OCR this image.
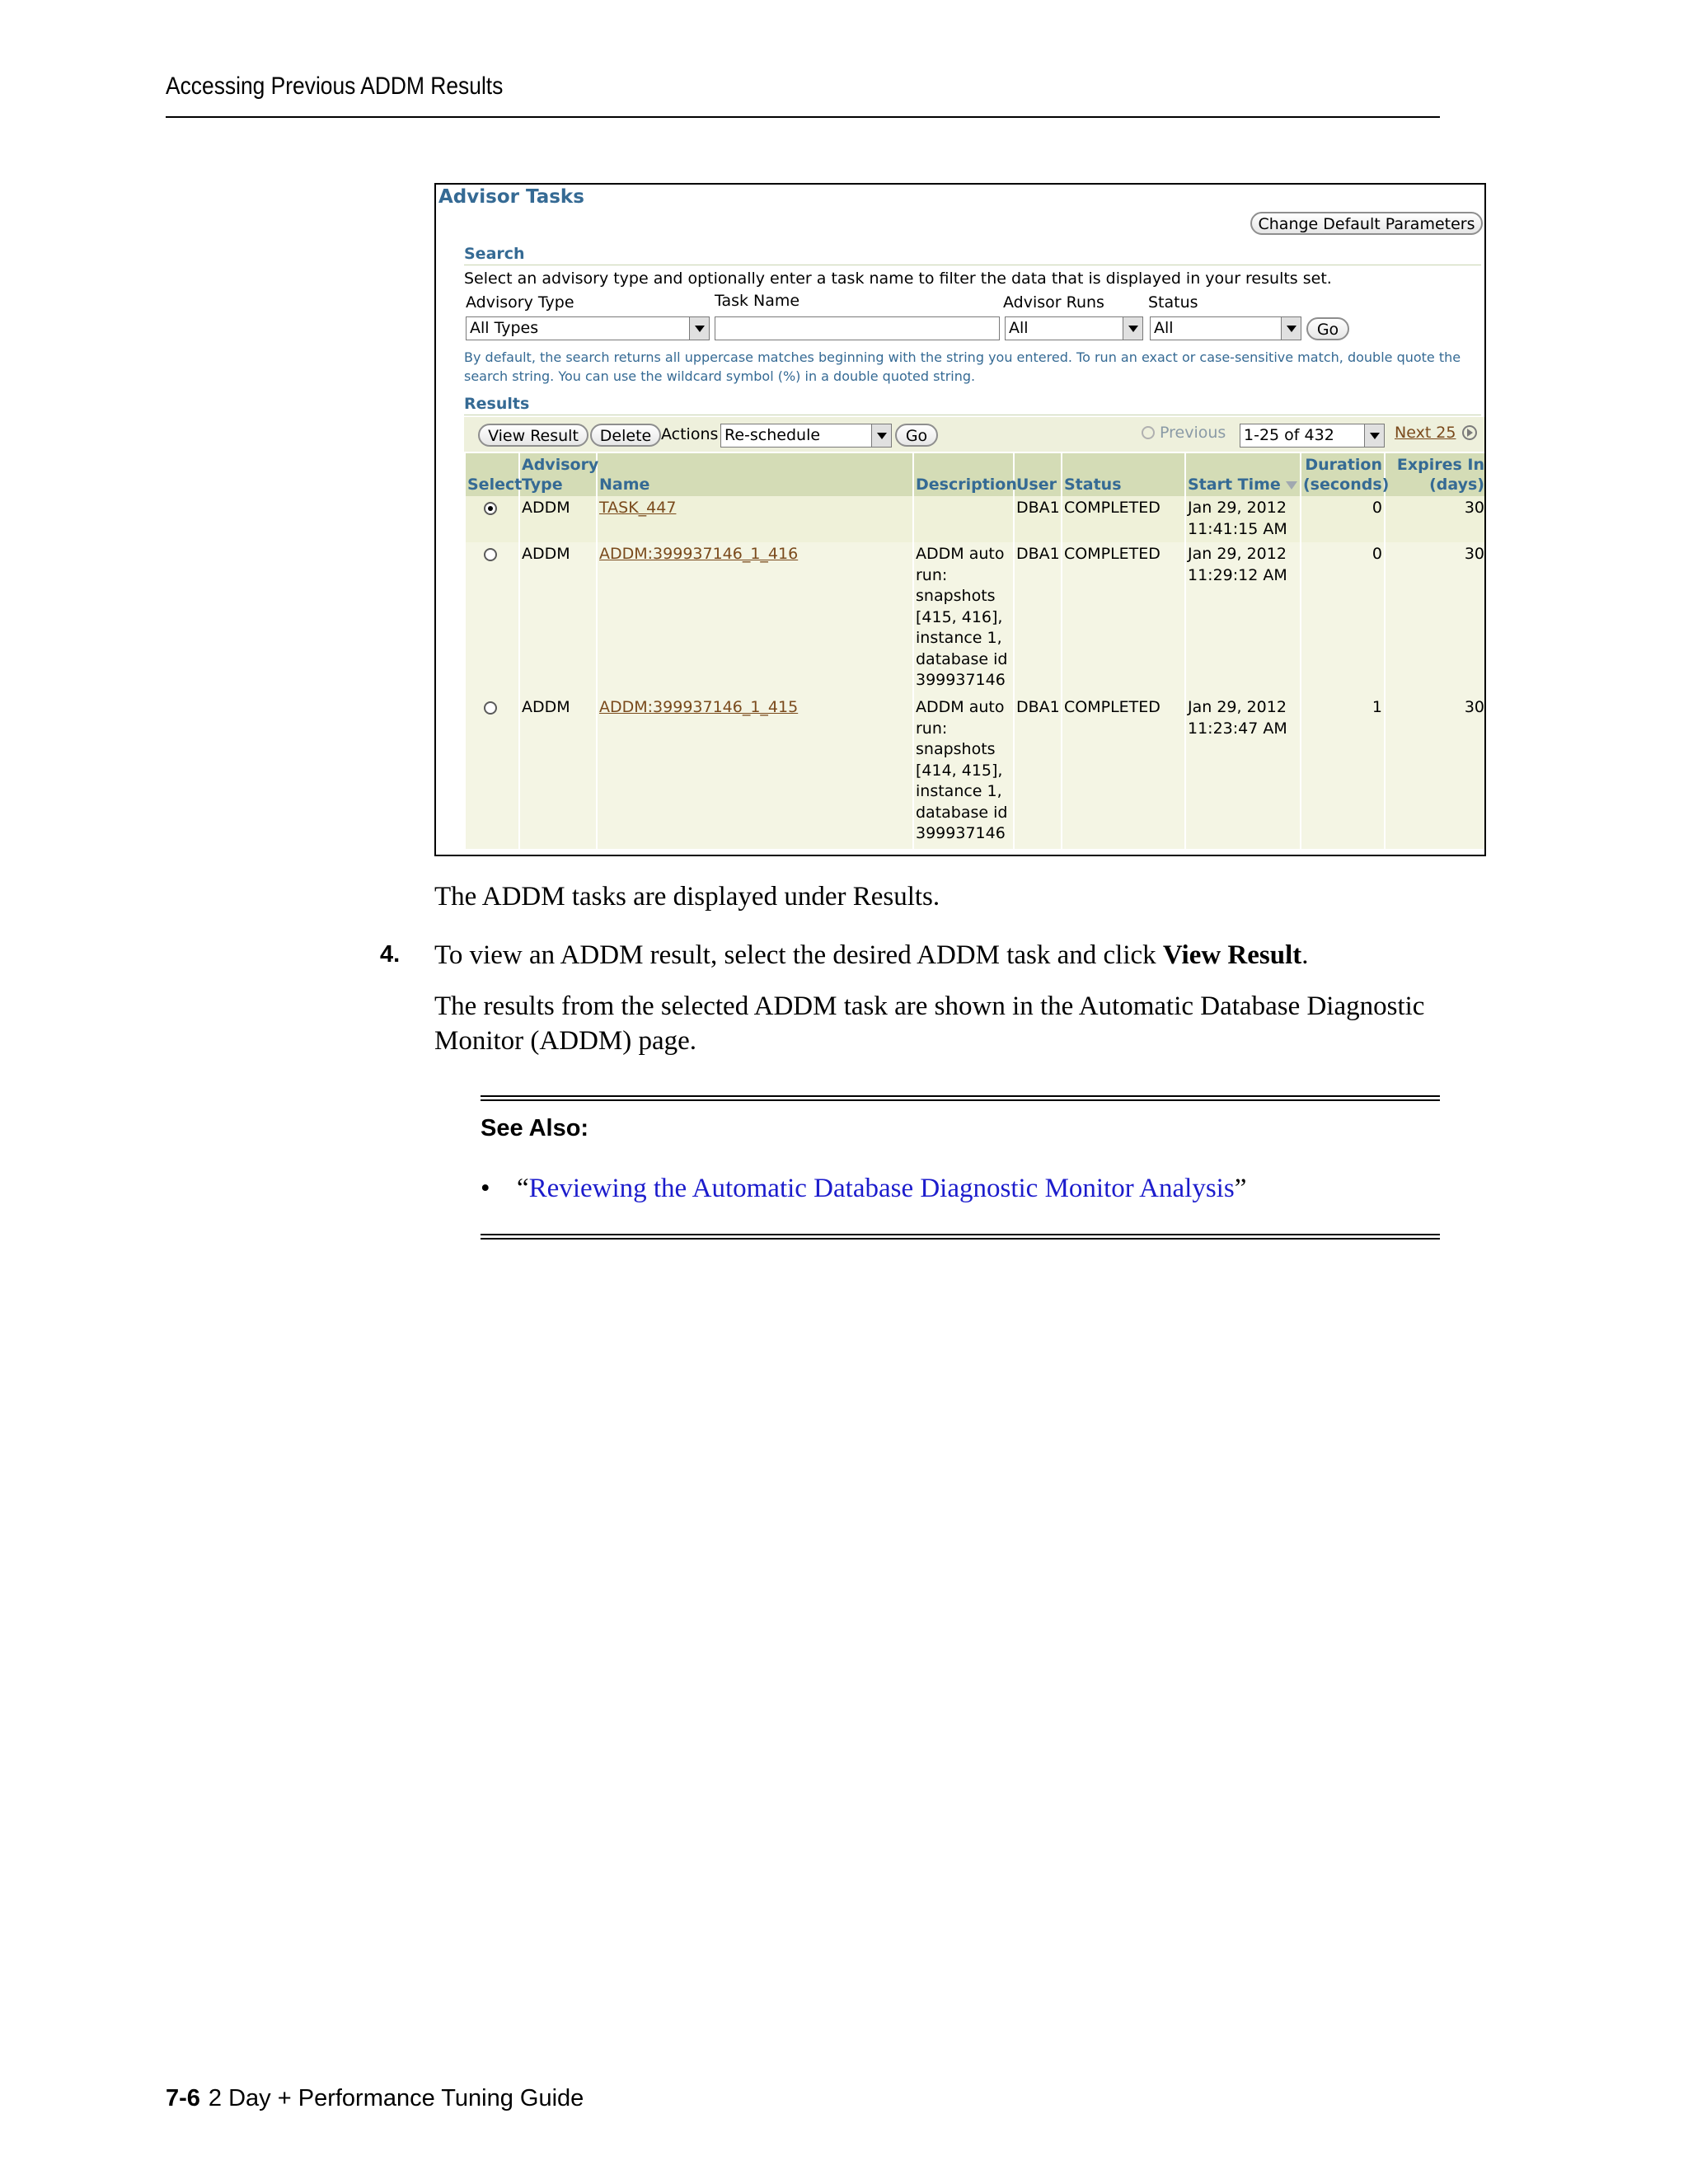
Accessing Previous ADDM Results
Advisor Tasks
Change Default Parameters
Search
Select an advisory type and optionally enter a task name to filter the data that is displayed in your results set.
Advisory Type	Task Name	Advisor Runs	Status
All Types	All	All	Go
By default, the search returns all uppercase matches beginning with the string you entered. To run an exact or case-sensitive match, double quote the search string. You can use the wildcard symbol (%) in a double quoted string.
Results
View Result	Delete Actions Re-schedule	Go	Previous 1-25 of 432	Next 25
Select	Advisory Type	Name	Description	User	Status	Start Time	Duration (seconds)	Expires In (days)
	ADDM	TASK_447		DBA1	COMPLETED	Jan 29, 2012 11:41:15 AM	0	30
	ADDM	ADDM:399937146_1_416	ADDM auto run: snapshots [415, 416], instance 1, database id 399937146	DBA1	COMPLETED	Jan 29, 2012 11:29:12 AM	0	30
	ADDM	ADDM:399937146_1_415	ADDM auto run: snapshots [414, 415], instance 1, database id 399937146	DBA1	COMPLETED	Jan 29, 2012 11:23:47 AM	1	30
The ADDM tasks are displayed under Results.
4. To view an ADDM result, select the desired ADDM task and click View Result.
The results from the selected ADDM task are shown in the Automatic Database Diagnostic Monitor (ADDM) page.
See Also:
• “Reviewing the Automatic Database Diagnostic Monitor Analysis”
7-6 2 Day + Performance Tuning Guide
